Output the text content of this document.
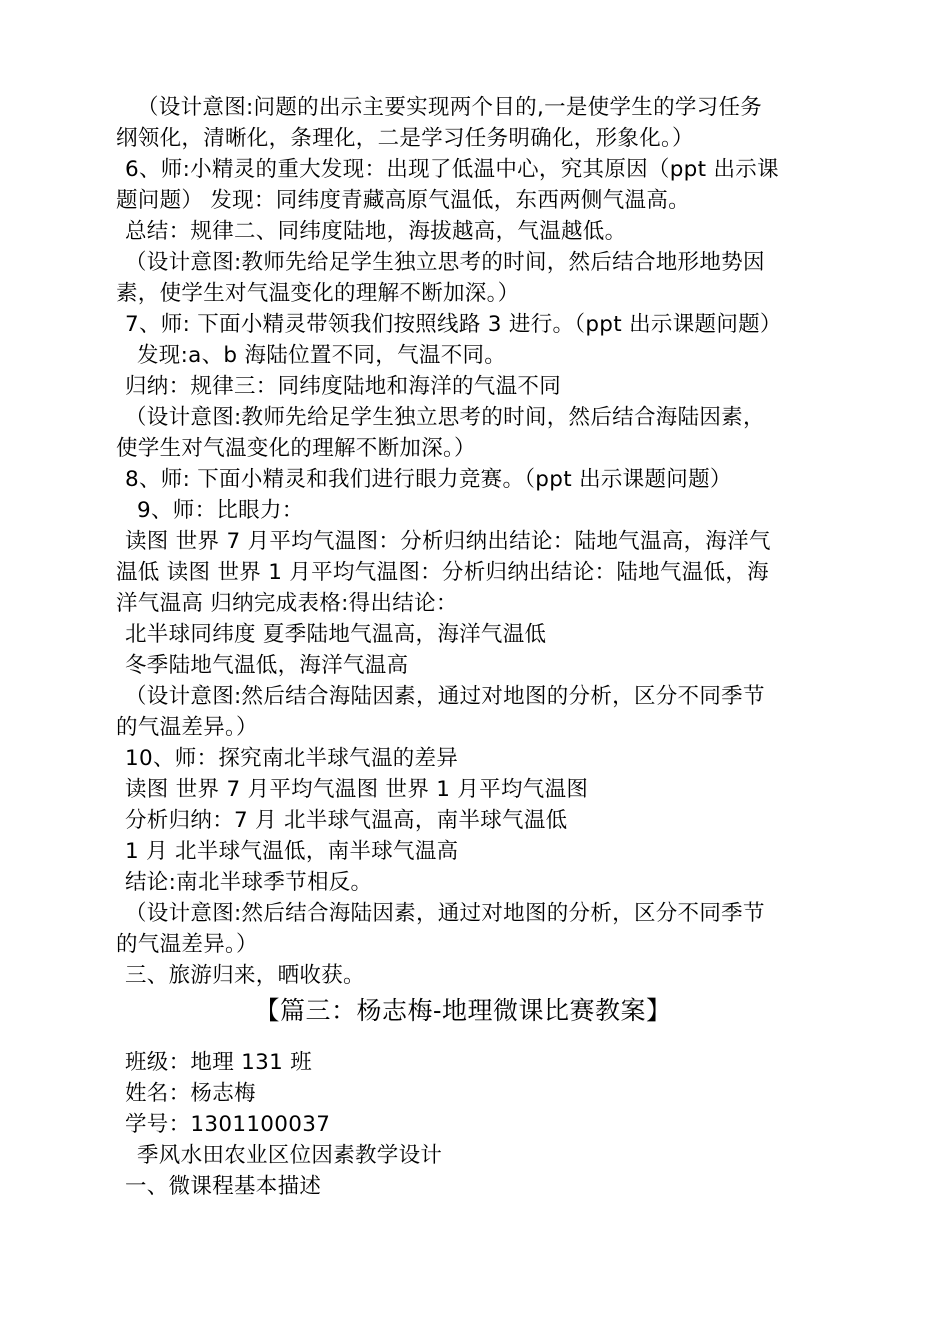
（设计意图:问题的出示主要实现两个目的,一是使学生的学习任务
纲领化，清晰化，条理化，二是学习任务明确化，形象化。）
6、师:小精灵的重大发现：出现了低温中心，究其原因（ppt 出示课
题问题） 发现：同纬度青藏高原气温低，东西两侧气温高。
总结：规律二、同纬度陆地，海拔越高，气温越低。
（设计意图:教师先给足学生独立思考的时间，然后结合地形地势因
素，使学生对气温变化的理解不断加深。）
7、师: 下面小精灵带领我们按照线路 3 进行。（ppt 出示课题问题）
发现:a、b 海陆位置不同，气温不同。
归纳：规律三：同纬度陆地和海洋的气温不同
（设计意图:教师先给足学生独立思考的时间，然后结合海陆因素，
使学生对气温变化的理解不断加深。）
8、师: 下面小精灵和我们进行眼力竞赛。（ppt 出示课题问题）
9、师：比眼力：
读图 世界 7 月平均气温图：分析归纳出结论：陆地气温高，海洋气
温低 读图 世界 1 月平均气温图：分析归纳出结论：陆地气温低，海
洋气温高 归纳完成表格:得出结论：
北半球同纬度 夏季陆地气温高，海洋气温低
冬季陆地气温低，海洋气温高
（设计意图:然后结合海陆因素，通过对地图的分析，区分不同季节
的气温差异。）
10、师：探究南北半球气温的差异
读图 世界 7 月平均气温图 世界 1 月平均气温图
分析归纳：7 月 北半球气温高，南半球气温低
1 月 北半球气温低，南半球气温高
结论:南北半球季节相反。
（设计意图:然后结合海陆因素，通过对地图的分析，区分不同季节
的气温差异。）
三、旅游归来，晒收获。
【篇三：杨志梅-地理微课比赛教案】
班级：地理 131 班
姓名：杨志梅
学号：1301100037
季风水田农业区位因素教学设计
一、微课程基本描述
